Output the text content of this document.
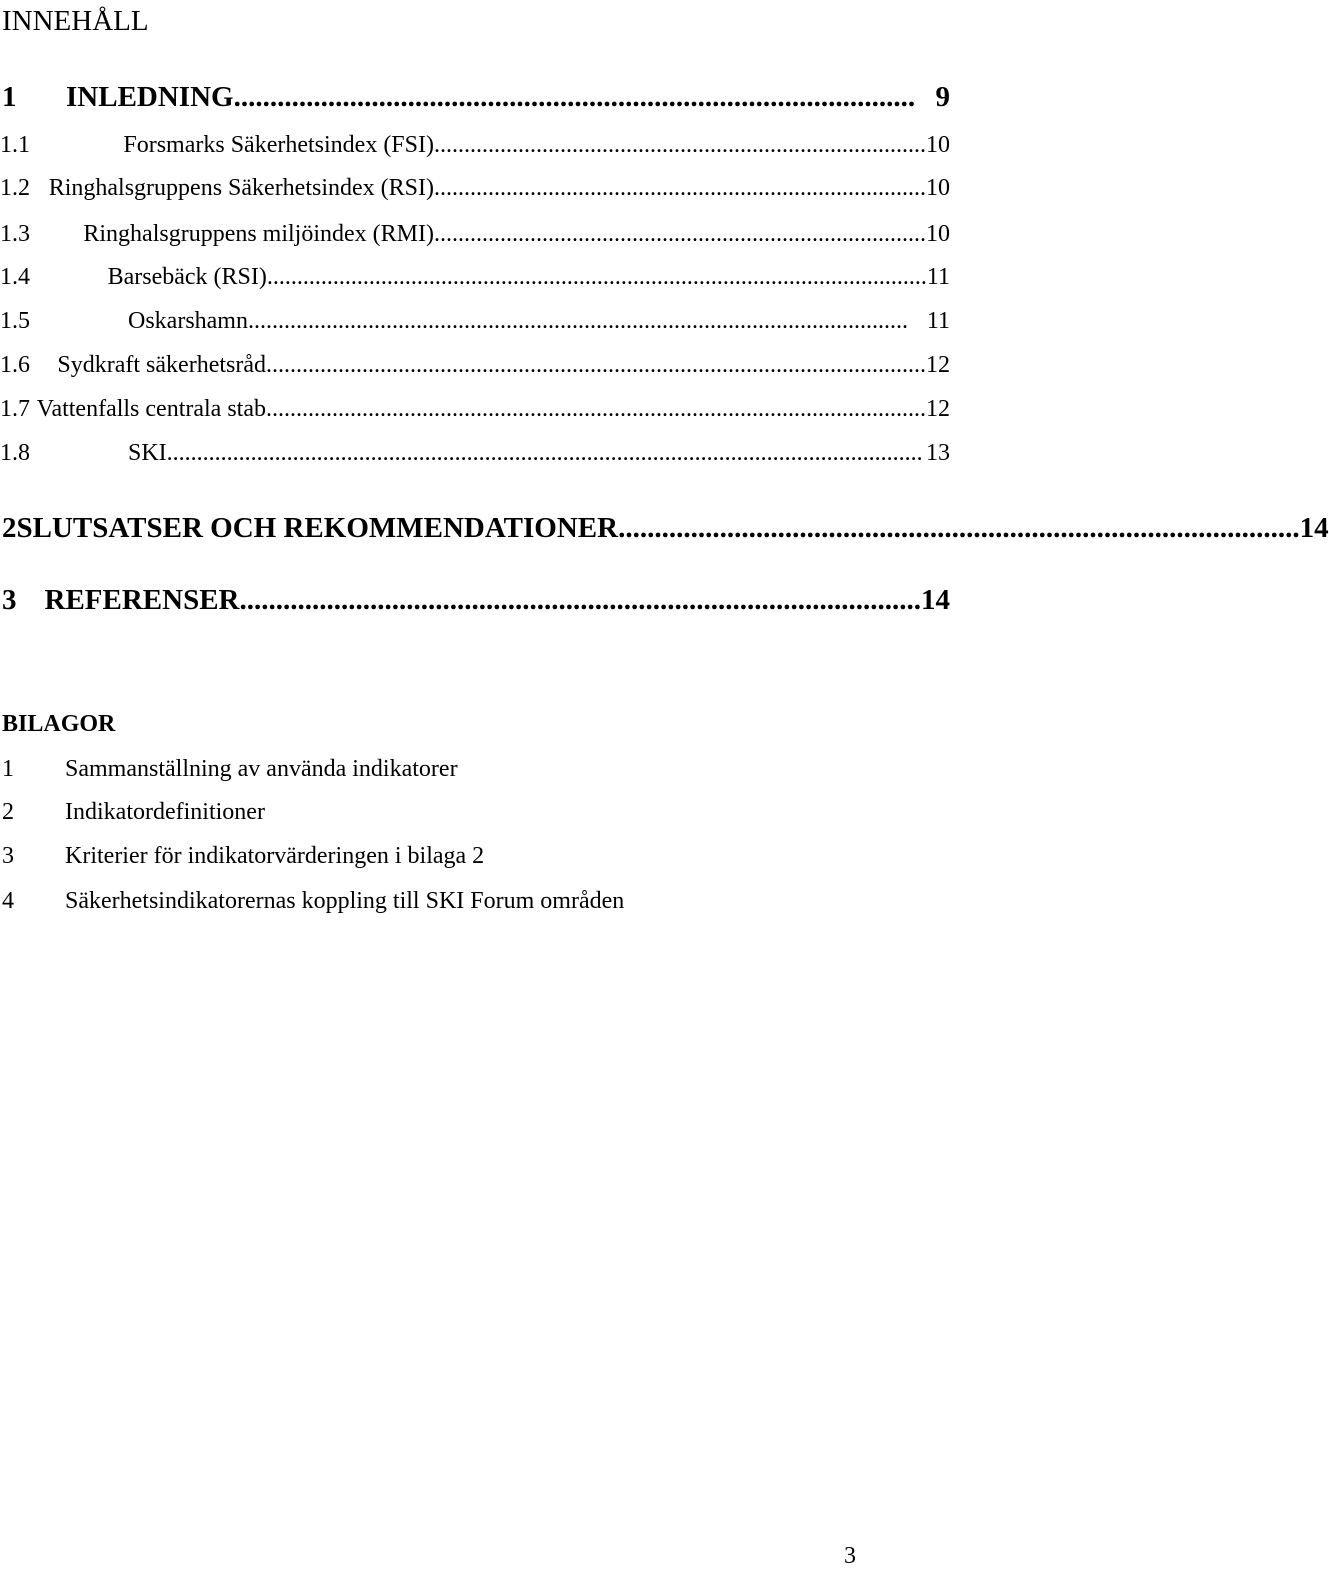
INNEHÅLL
1	INLEDNING .............................................................................................. 9
1.1	Forsmarks Säkerhetsindex (FSI) .................................................................................. 10
1.2 Ringhalsgruppens Säkerhetsindex (RSI) .................................................................................. 10
1.3	Ringhalsgruppens miljöindex (RMI) .................................................................................. 10
1.4	Barsebäck (RSI) .............................................................................................................. 11
1.5	Oskarshamn .............................................................................................................. 11
1.6	Sydkraft säkerhetsråd .............................................................................................................. 12
1.7 Vattenfalls centrala stab .............................................................................................................. 12
1.8	SKI .............................................................................................................................. 13
2 SLUTSATSER OCH REKOMMENDATIONER .............................................................................................. 14
3 REFERENSER .............................................................................................. 14
BILAGOR
1 Sammanställning av använda indikatorer
2 Indikatordefinitioner
3 Kriterier för indikatorvärderingen i bilaga 2
4 Säkerhetsindikatorernas koppling till SKI Forum områden
3
